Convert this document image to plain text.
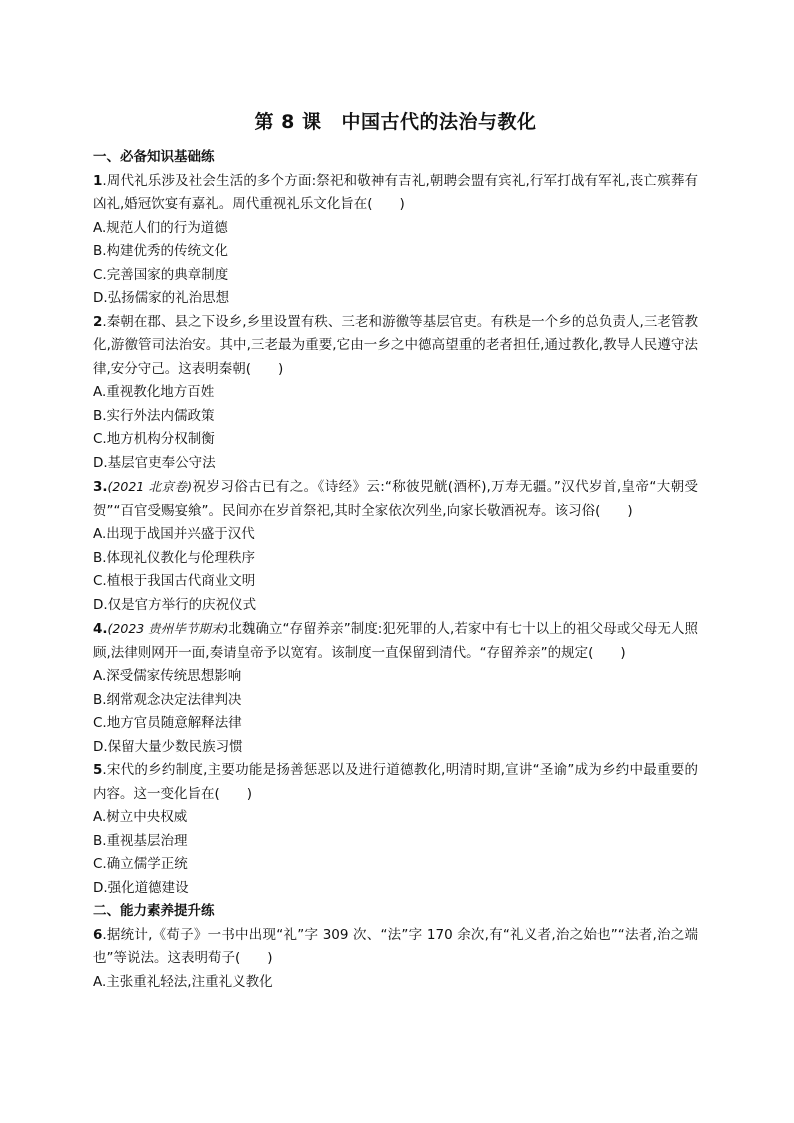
第 8 课 中国古代的法治与教化
一、必备知识基础练
1.周代礼乐涉及社会生活的多个方面:祭祀和敬神有吉礼,朝聘会盟有宾礼,行军打战有军礼,丧亡殡葬有凶礼,婚冠饮宴有嘉礼。周代重视礼乐文化旨在(　　)
A.规范人们的行为道德
B.构建优秀的传统文化
C.完善国家的典章制度
D.弘扬儒家的礼治思想
2.秦朝在郡、县之下设乡,乡里设置有秩、三老和游徼等基层官吏。有秩是一个乡的总负责人,三老管教化,游徼管司法治安。其中,三老最为重要,它由一乡之中德高望重的老者担任,通过教化,教导人民遵守法律,安分守己。这表明秦朝(　　)
A.重视教化地方百姓
B.实行外法内儒政策
C.地方机构分权制衡
D.基层官吏奉公守法
3.(2021 北京卷)祝岁习俗古已有之。《诗经》云:“称彼兕觥(酒杯),万寿无疆。”汉代岁首,皇帝“大朝受贺”“百官受赐宴飨”。民间亦在岁首祭祀,其时全家依次列坐,向家长敬酒祝寿。该习俗(　　)
A.出现于战国并兴盛于汉代
B.体现礼仪教化与伦理秩序
C.植根于我国古代商业文明
D.仅是官方举行的庆祝仪式
4.(2023 贵州毕节期末)北魏确立“存留养亲”制度:犯死罪的人,若家中有七十以上的祖父母或父母无人照顾,法律则网开一面,奏请皇帝予以宽宥。该制度一直保留到清代。“存留养亲”的规定(　　)
A.深受儒家传统思想影响
B.纲常观念决定法律判决
C.地方官员随意解释法律
D.保留大量少数民族习惯
5.宋代的乡约制度,主要功能是扬善惩恶以及进行道德教化,明清时期,宣讲“圣谕”成为乡约中最重要的内容。这一变化旨在(　　)
A.树立中央权威
B.重视基层治理
C.确立儒学正统
D.强化道德建设
二、能力素养提升练
6.据统计,《荀子》一书中出现“礼”字 309 次、“法”字 170 余次,有“礼义者,治之始也”“法者,治之端也”等说法。这表明荀子(　　)
A.主张重礼轻法,注重礼义教化
